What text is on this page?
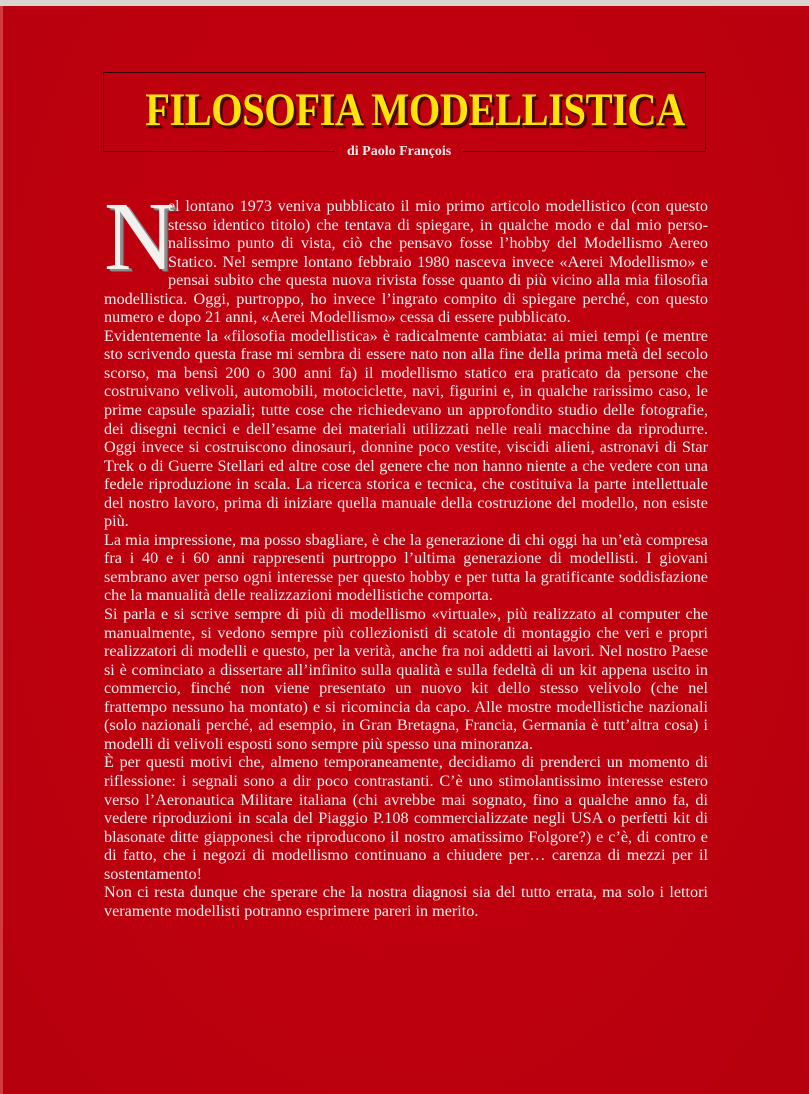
FILOSOFIA MODELLISTICA
di Paolo François

N
el lontano 1973 veniva pubblicato il mio primo articolo modellistico (con questo stesso identico titolo) che tentava di spiegare, in qualche modo e dal mio personalissimo punto di vista, ciò che pensavo fosse l’hobby del Modellismo Aereo Statico. Nel sempre lontano febbraio 1980 nasceva invece «Aerei Modellismo» e pensai subito che questa nuova rivista fosse quanto di più vicino alla mia filosofia modellistica. Oggi, purtroppo, ho invece l’ingrato compito di spiegare perché, con questo numero e dopo 21 anni, «Aerei Modellismo» cessa di essere pubblicato.

Evidentemente la «filosofia modellistica» è radicalmente cambiata: ai miei tempi (e mentre sto scrivendo questa frase mi sembra di essere nato non alla fine della prima metà del secolo scorso, ma bensì 200 o 300 anni fa) il modellismo statico era praticato da persone che costruivano velivoli, automobili, motociclette, navi, figurini e, in qualche rarissimo caso, le prime capsule spaziali; tutte cose che richiedevano un approfondito studio delle fotografie, dei disegni tecnici e dell’esame dei materiali utilizzati nelle reali macchine da riprodurre. Oggi invece si costruiscono dinosauri, donnine poco vestite, viscidi alieni, astronavi di Star Trek o di Guerre Stellari ed altre cose del genere che non hanno niente a che vedere con una fedele riproduzione in scala. La ricerca storica e tecnica, che costituiva la parte intellettuale del nostro lavoro, prima di iniziare quella manuale della costruzione del modello, non esiste più.

La mia impressione, ma posso sbagliare, è che la generazione di chi oggi ha un’età compresa fra i 40 e i 60 anni rappresenti purtroppo l’ultima generazione di modellisti. I giovani sembrano aver perso ogni interesse per questo hobby e per tutta la gratificante soddisfazione che la manualità delle realizzazioni modellistiche comporta.

Si parla e si scrive sempre di più di modellismo «virtuale», più realizzato al computer che manualmente, si vedono sempre più collezionisti di scatole di montaggio che veri e propri realizzatori di modelli e questo, per la verità, anche fra noi addetti ai lavori. Nel nostro Paese si è cominciato a dissertare all’infinito sulla qualità e sulla fedeltà di un kit appena uscito in commercio, finché non viene presentato un nuovo kit dello stesso velivolo (che nel frattempo nessuno ha montato) e si ricomincia da capo. Alle mostre modellistiche nazionali (solo nazionali perché, ad esempio, in Gran Bretagna, Francia, Germania è tutt’altra cosa) i modelli di velivoli esposti sono sempre più spesso una minoranza.

È per questi motivi che, almeno temporaneamente, decidiamo di prenderci un momento di riflessione: i segnali sono a dir poco contrastanti. C’è uno stimolantissimo interesse estero verso l’Aeronautica Militare italiana (chi avrebbe mai sognato, fino a qualche anno fa, di vedere riproduzioni in scala del Piaggio P.108 commercializzate negli USA o perfetti kit di blasonate ditte giapponesi che riproducono il nostro amatissimo Folgore?) e c’è, di contro e di fatto, che i negozi di modellismo continuano a chiudere per… carenza di mezzi per il sostentamento!

Non ci resta dunque che sperare che la nostra diagnosi sia del tutto errata, ma solo i lettori veramente modellisti potranno esprimere pareri in merito.
